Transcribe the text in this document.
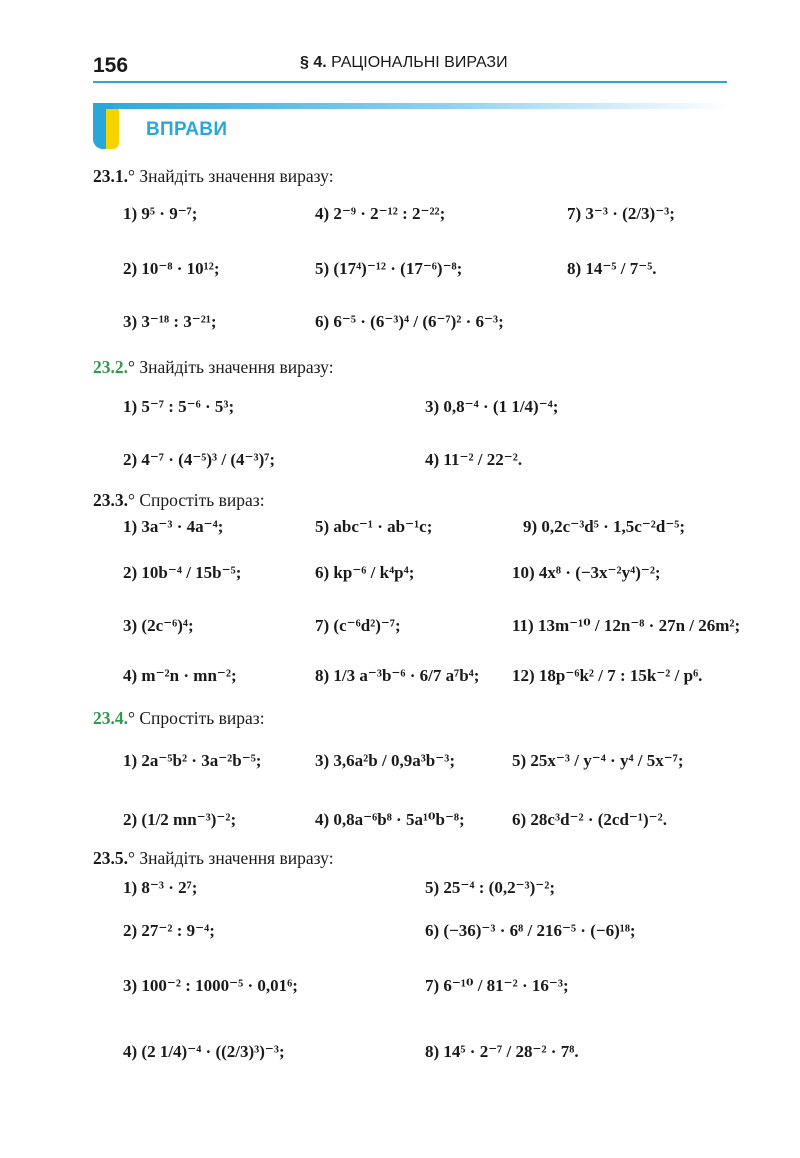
156	§ 4. РАЦІОНАЛЬНІ ВИРАЗИ
ВПРАВИ
23.1.° Знайдіть значення виразу:
23.2.° Знайдіть значення виразу:
23.3.° Спростіть вираз:
23.4.° Спростіть вираз:
23.5.° Знайдіть значення виразу:
1) 9⁵ · 9⁻⁷;	4) 2⁻⁹ · 2⁻¹² : 2⁻²²;	7) 3⁻³ · (2/3)⁻³;
2) 10⁻⁸ · 10¹²;	5) (17⁴)⁻¹² · (17⁻⁶)⁻⁸;	8) 14⁻⁵ / 7⁻⁵.
3) 3⁻¹⁸ : 3⁻²¹;	6) 6⁻⁵ · (6⁻³)⁴ / (6⁻⁷)² · 6⁻³;
1) 5⁻⁷ : 5⁻⁶ · 5³;	3) 0,8⁻⁴ · (1 1/4)⁻⁴;
2) 4⁻⁷ · (4⁻⁵)³ / (4⁻³)⁷;	4) 11⁻² / 22⁻².
1) 3a⁻³ · 4a⁻⁴;	5) abc⁻¹ · ab⁻¹c;	9) 0,2c⁻³d⁵ · 1,5c⁻²d⁻⁵;
2) 10b⁻⁴ / 15b⁻⁵;	6) kp⁻⁶ / k⁴p⁴;	10) 4x⁸ · (−3x⁻²y⁴)⁻²;
3) (2c⁻⁶)⁴;	7) (c⁻⁶d²)⁻⁷;	11) 13m⁻¹⁰ / 12n⁻⁸ · 27n / 26m²;
4) m⁻²n · mn⁻²;	8) 1/3 a⁻³b⁻⁶ · 6/7 a⁷b⁴; 12) 18p⁻⁶k² / 7 : 15k⁻² / p⁶.
1) 2a⁻⁵b² · 3a⁻²b⁻⁵;	3) 3,6a²b / 0,9a³b⁻³;	5) 25x⁻³ / y⁻⁴ · y⁴ / 5x⁻⁷;
2) (1/2 mn⁻³)⁻²;	4) 0,8a⁻⁶b⁸ · 5a¹⁰b⁻⁸;	6) 28c³d⁻² · (2cd⁻¹)⁻².
1) 8⁻³ · 2⁷;	5) 25⁻⁴ : (0,2⁻³)⁻²;
2) 27⁻² : 9⁻⁴;	6) (−36)⁻³ · 6⁸ / 216⁻⁵ · (−6)¹⁸;
3) 100⁻² : 1000⁻⁵ · 0,01⁶;	7) 6⁻¹⁰ / 81⁻² · 16⁻³;
4) (2 1/4)⁻⁴ · ((2/3)³)⁻³;	8) 14⁵ · 2⁻⁷ / 28⁻² · 7⁸.
